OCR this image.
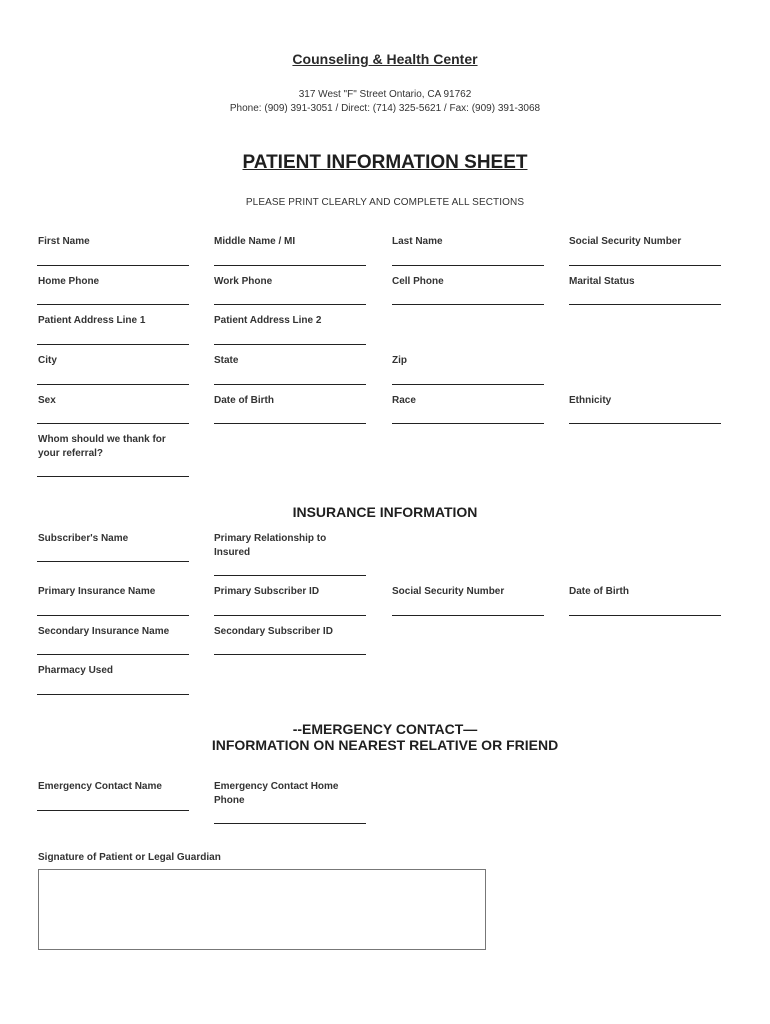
Counseling & Health Center
317 West "F" Street Ontario, CA 91762
Phone: (909) 391-3051 / Direct: (714) 325-5621 / Fax: (909) 391-3068
PATIENT INFORMATION SHEET
PLEASE PRINT CLEARLY AND COMPLETE ALL SECTIONS
First Name	Middle Name / MI	Last Name	Social Security Number
Home Phone	Work Phone	Cell Phone	Marital Status
Patient Address Line 1	Patient Address Line 2
City	State	Zip
Sex	Date of Birth	Race	Ethnicity
Whom should we thank for your referral?
INSURANCE INFORMATION
Subscriber's Name	Primary Relationship to Insured
Primary Insurance Name	Primary Subscriber ID	Social Security Number	Date of Birth
Secondary Insurance Name	Secondary Subscriber ID
Pharmacy Used
--EMERGENCY CONTACT—
INFORMATION ON NEAREST RELATIVE OR FRIEND
Emergency Contact Name	Emergency Contact Home Phone
Signature of Patient or Legal Guardian
